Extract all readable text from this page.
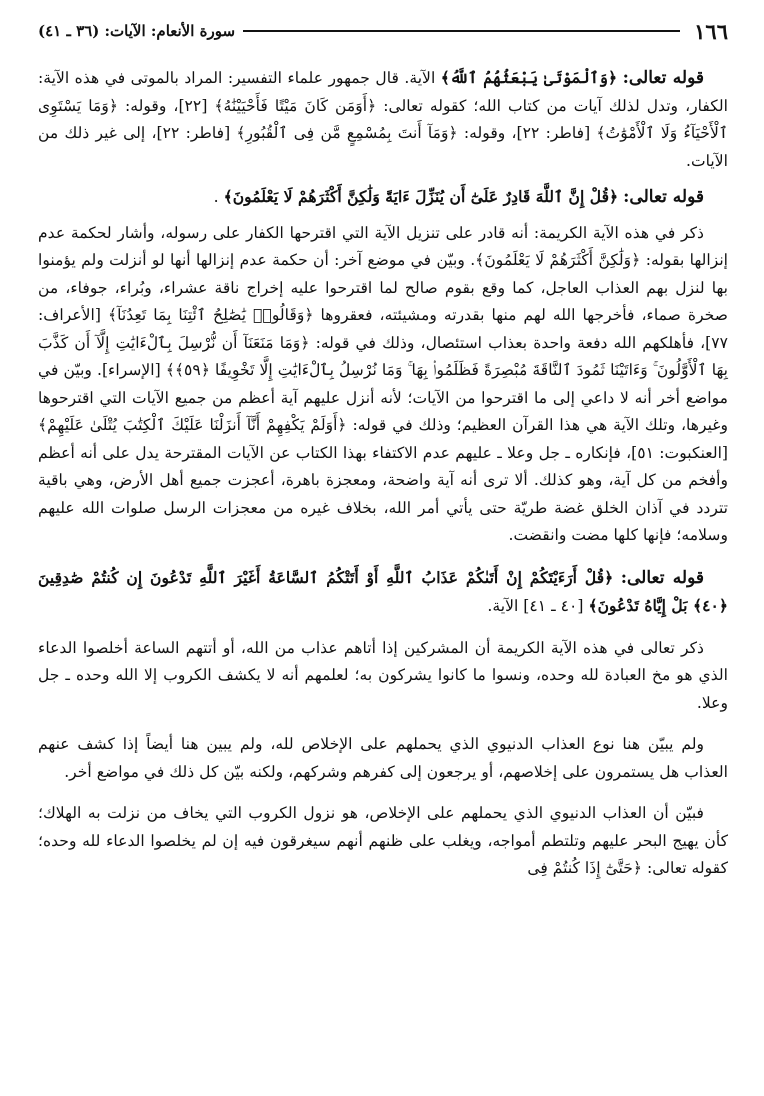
١٦٦
سورة الأنعام: الآيات: (٣٦ ـ ٤١)

قوله تعالى: ﴿وَٱلْمَوْتَىٰ يَبْعَثُهُمُ ٱللَّهُ﴾ الآية. قال جمهور علماء التفسير: المراد بالموتى في هذه الآية: الكفار، وتدل لذلك آيات من كتاب الله؛ كقوله تعالى: ﴿أَوَمَن كَانَ مَيْتًا فَأَحْيَيْنَٰهُ﴾ [٢٢]، وقوله: ﴿وَمَا يَسْتَوِى ٱلْأَحْيَآءُ وَلَا ٱلْأَمْوَٰتُ﴾ [فاطر: ٢٢]، وقوله: ﴿وَمَآ أَنتَ بِمُسْمِعٍ مَّن فِى ٱلْقُبُورِ﴾ [فاطر: ٢٢]، إلى غير ذلك من الآيات.

قوله تعالى: ﴿قُلْ إِنَّ ٱللَّهَ قَادِرٌ عَلَىٰٓ أَن يُنَزِّلَ ءَايَةً وَلَٰكِنَّ أَكْثَرَهُمْ لَا يَعْلَمُونَ﴾ .

ذكر في هذه الآية الكريمة: أنه قادر على تنزيل الآية التي اقترحها الكفار على رسوله، وأشار لحكمة عدم إنزالها بقوله: ﴿وَلَٰكِنَّ أَكْثَرَهُمْ لَا يَعْلَمُونَ﴾. وبيّن في موضع آخر: أن حكمة عدم إنزالها أنها لو أنزلت ولم يؤمنوا بها لنزل بهم العذاب العاجل، كما وقع بقوم صالح لما اقترحوا عليه إخراج ناقة عشراء، وبُراء، جوفاء، من صخرة صماء، فأخرجها الله لهم منها بقدرته ومشيئته، فعقروها ﴿وَقَالُوا۟ يَٰصَٰلِحُ ٱئْتِنَا بِمَا تَعِدُنَآ﴾ [الأعراف: ٧٧]، فأهلكهم الله دفعة واحدة بعذاب استئصال، وذلك في قوله: ﴿وَمَا مَنَعَنَآ أَن نُّرْسِلَ بِٱلْءَايَٰتِ إِلَّآ أَن كَذَّبَ بِهَا ٱلْأَوَّلُونَ ۚ وَءَاتَيْنَا ثَمُودَ ٱلنَّاقَةَ مُبْصِرَةً فَظَلَمُوا۟ بِهَا ۚ وَمَا نُرْسِلُ بِٱلْءَايَٰتِ إِلَّا تَخْوِيفًا ﴿٥٩﴾﴾ [الإسراء]. وبيّن في مواضع أخر أنه لا داعي إلى ما اقترحوا من الآيات؛ لأنه أنزل عليهم آية أعظم من جميع الآيات التي اقترحوها وغيرها، وتلك الآية هي هذا القرآن العظيم؛ وذلك في قوله: ﴿أَوَلَمْ يَكْفِهِمْ أَنَّآ أَنزَلْنَا عَلَيْكَ ٱلْكِتَٰبَ يُتْلَىٰ عَلَيْهِمْ﴾ [العنكبوت: ٥١]، فإنكاره ـ جل وعلا ـ عليهم عدم الاكتفاء بهذا الكتاب عن الآيات المقترحة يدل على أنه أعظم وأفخم من كل آية، وهو كذلك. ألا ترى أنه آية واضحة، ومعجزة باهرة، أعجزت جميع أهل الأرض، وهي باقية تتردد في آذان الخلق غضة طريّة حتى يأتي أمر الله، بخلاف غيره من معجزات الرسل صلوات الله عليهم وسلامه؛ فإنها كلها مضت وانقضت.

قوله تعالى: ﴿قُلْ أَرَءَيْتَكُمْ إِنْ أَتَىٰكُمْ عَذَابُ ٱللَّهِ أَوْ أَتَتْكُمُ ٱلسَّاعَةُ أَغَيْرَ ٱللَّهِ تَدْعُونَ إِن كُنتُمْ صَٰدِقِينَ ﴿٤٠﴾ بَلْ إِيَّاهُ تَدْعُونَ﴾ [٤٠ ـ ٤١] الآية.

ذكر تعالى في هذه الآية الكريمة أن المشركين إذا أتاهم عذاب من الله، أو أتتهم الساعة أخلصوا الدعاء الذي هو مخ العبادة لله وحده، ونسوا ما كانوا يشركون به؛ لعلمهم أنه لا يكشف الكروب إلا الله وحده ـ جل وعلا.

ولم يبيّن هنا نوع العذاب الدنيوي الذي يحملهم على الإخلاص لله، ولم يبين هنا أيضاً إذا كشف عنهم العذاب هل يستمرون على إخلاصهم، أو يرجعون إلى كفرهم وشركهم، ولكنه بيّن كل ذلك في مواضع أخر.

فبيّن أن العذاب الدنيوي الذي يحملهم على الإخلاص، هو نزول الكروب التي يخاف من نزلت به الهلاك؛ كأن يهيج البحر عليهم وتلتطم أمواجه، ويغلب على ظنهم أنهم سيغرقون فيه إن لم يخلصوا الدعاء لله وحده؛ كقوله تعالى: ﴿حَتَّىٰٓ إِذَا كُنتُمْ فِى
